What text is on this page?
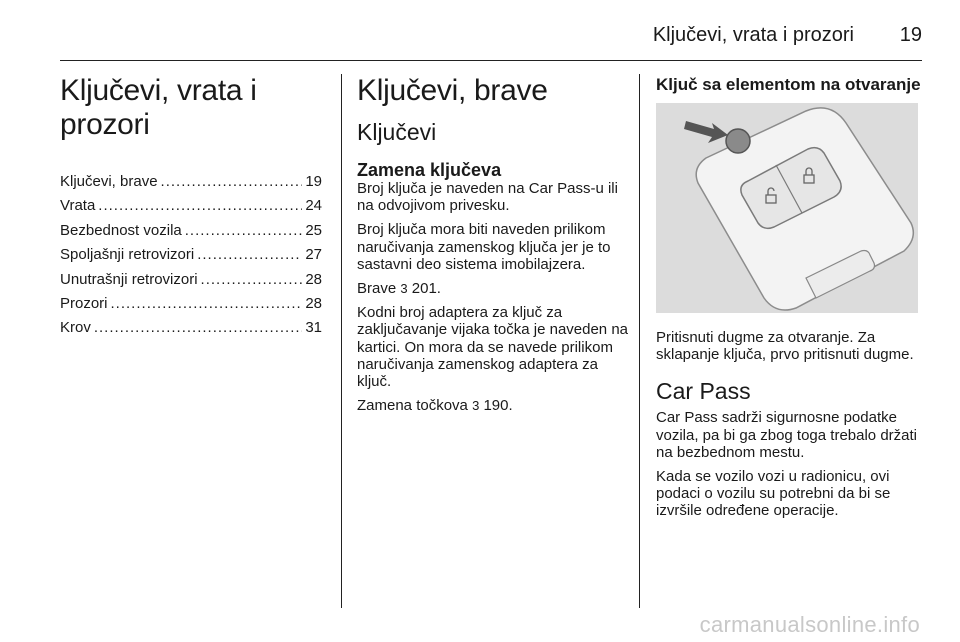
Ključevi, vrata i prozori 19
Ključevi, vrata i prozori
Ključevi, brave .....	19
Vrata .....	24
Bezbednost vozila .....	25
Spoljašnji retrovizori .....	27
Unutrašnji retrovizori .....	28
Prozori .....	28
Krov .....	31
Ključevi, brave
Ključevi
Zamena ključeva

Broj ključa je naveden na Car Pass-u ili na odvojivom privesku.

Broj ključa mora biti naveden prilikom naručivanja zamenskog ključa jer je to sastavni deo sistema imobilajzera.

Brave 3 201.

Kodni broj adaptera za ključ za zaključavanje vijaka točka je naveden na kartici. On mora da se navede prilikom naručivanja zamenskog adaptera za ključ.

Zamena točkova 3 190.

Ključ sa elementom na otvaranje

Pritisnuti dugme za otvaranje. Za sklapanje ključa, prvo pritisnuti dugme.

Car Pass

Car Pass sadrži sigurnosne podatke vozila, pa bi ga zbog toga trebalo držati na bezbednom mestu.

Kada se vozilo vozi u radionicu, ovi podaci o vozilu su potrebni da bi se izvršile određene operacije.

carmanualsonline.info
